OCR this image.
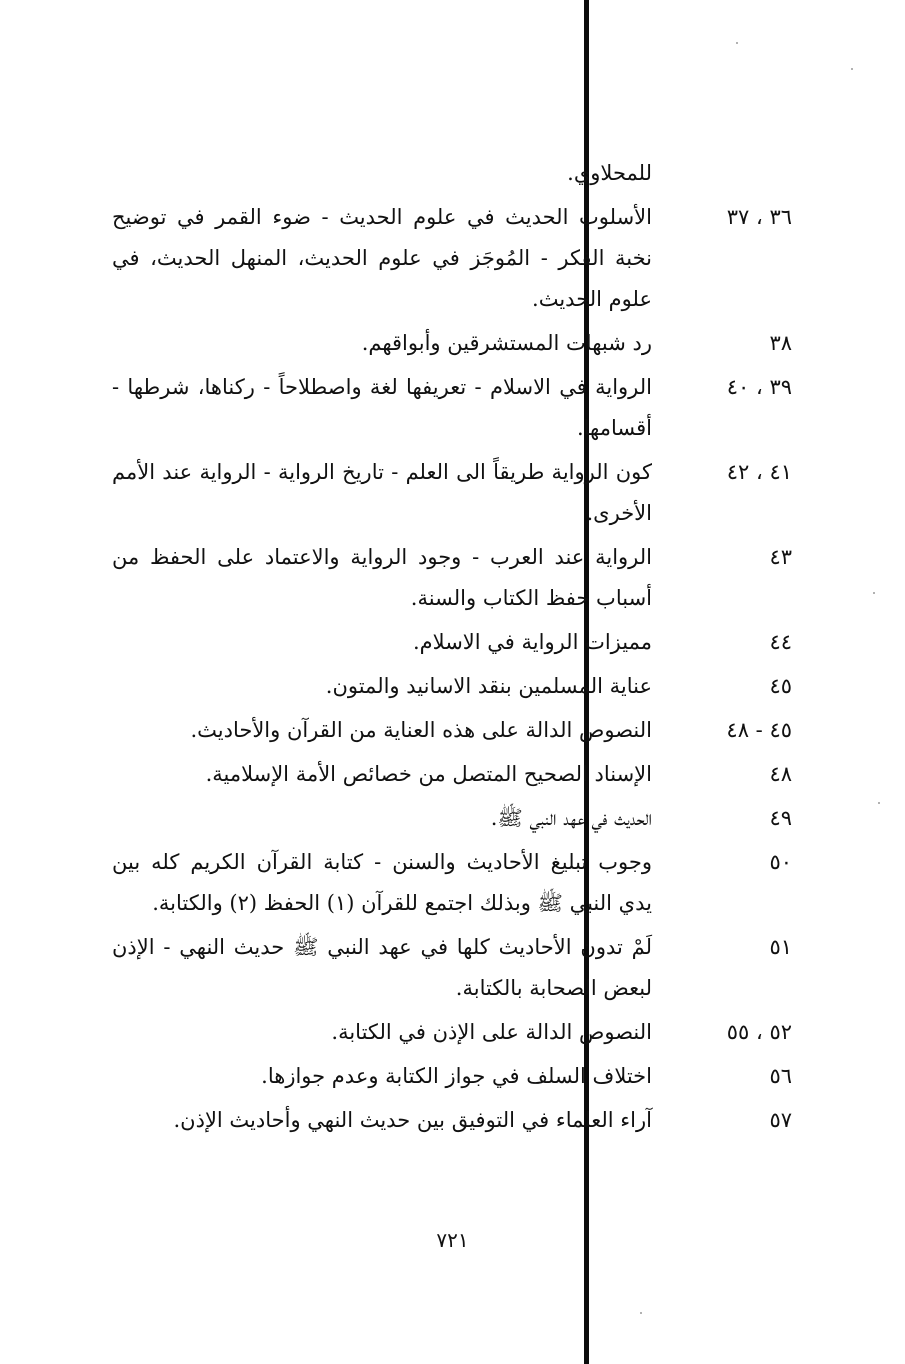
للمحلاوي.
٣٦ ، ٣٧
الأسلوب الحديث في علوم الحديث - ضوء القمر في توضيح نخبة الفكر - المُوجَز في علوم الحديث، المنهل الحديث، في علوم الحديث.
٣٨
رد شبهات المستشرقين وأبواقهم.
٣٩ ، ٤٠
الرواية في الاسلام - تعريفها لغة واصطلاحاً - ركناها، شرطها - أقسامها.
٤١ ، ٤٢
كون الرواية طريقاً الى العلم - تاريخ الرواية - الرواية عند الأمم الأخرى.
٤٣
الرواية عند العرب - وجود الرواية والاعتماد على الحفظ من أسباب حفظ الكتاب والسنة.
٤٤
مميزات الرواية في الاسلام.
٤٥
عناية المسلمين بنقد الاسانيد والمتون.
٤٥ - ٤٨
النصوص الدالة على هذه العناية من القرآن والأحاديث.
٤٨
الإسناد الصحيح المتصل من خصائص الأمة الإسلامية.
٤٩
الحديث في عهد النبي ﷺ.
٥٠
وجوب تبليغ الأحاديث والسنن - كتابة القرآن الكريم كله بين يدي النبي ﷺ وبذلك اجتمع للقرآن (١) الحفظ (٢) والكتابة.
٥١
لَمْ تدون الأحاديث كلها في عهد النبي ﷺ حديث النهي - الإذن لبعض الصحابة بالكتابة.
٥٢ ، ٥٥
النصوص الدالة على الإذن في الكتابة.
٥٦
اختلاف السلف في جواز الكتابة وعدم جوازها.
٥٧
آراء العلماء في التوفيق بين حديث النهي وأحاديث الإذن.
٧٢١
